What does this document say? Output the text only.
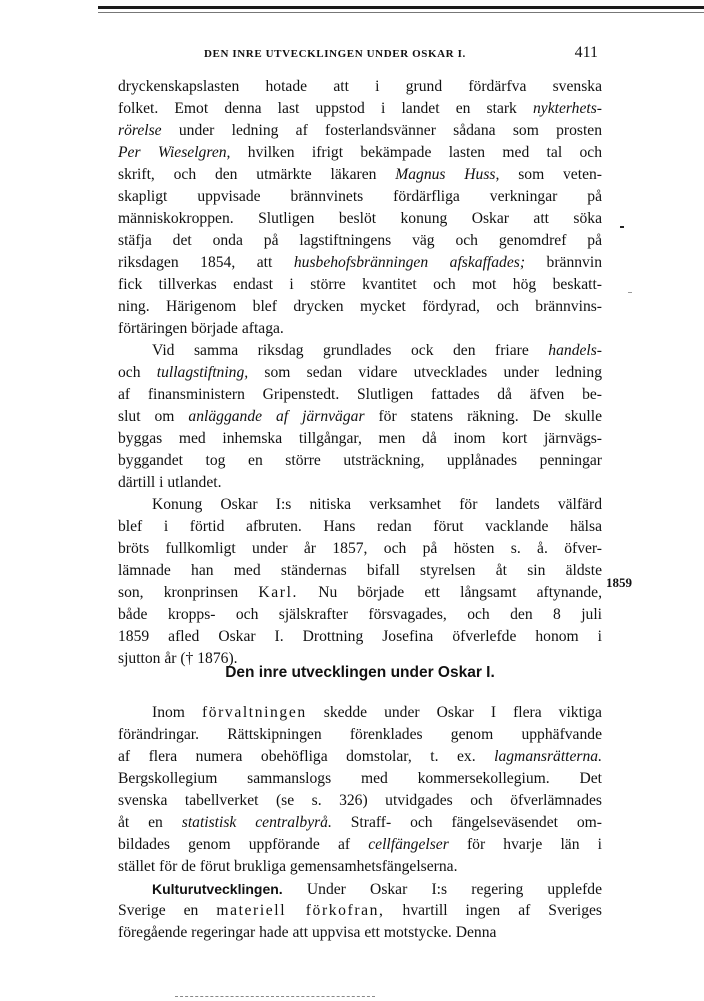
DEN INRE UTVECKLINGEN UNDER OSKAR I.	411
dryckenskapslasten hotade att i grund fördärfva svenska
folket. Emot denna last uppstod i landet en stark nykterhets-
rörelse under ledning af fosterlandsvänner sådana som prosten
Per Wieselgren, hvilken ifrigt bekämpade lasten med tal och
skrift, och den utmärkte läkaren Magnus Huss, som veten-
skapligt uppvisade brännvinets fördärfliga verkningar på
människokroppen. Slutligen beslöt konung Oskar att söka
stäfja det onda på lagstiftningens väg och genomdref på
riksdagen 1854, att husbehofsbränningen afskaffades; brännvin
fick tillverkas endast i större kvantitet och mot hög beskatt-
ning. Härigenom blef drycken mycket fördyrad, och brännvins-
förtäringen började aftaga.
Vid samma riksdag grundlades ock den friare handels-
och tullagstiftning, som sedan vidare utvecklades under ledning
af finansministern Gripenstedt. Slutligen fattades då äfven be-
slut om anläggande af järnvägar för statens räkning. De skulle
byggas med inhemska tillgångar, men då inom kort järnvägs-
byggandet tog en större utsträckning, upplånades penningar
därtill i utlandet.
Konung Oskar I:s nitiska verksamhet för landets välfärd
blef i förtid afbruten. Hans redan förut vacklande hälsa
bröts fullkomligt under år 1857, och på hösten s. å. öfver-
lämnade han med ständernas bifall styrelsen åt sin äldste
son, kronprinsen Karl. Nu började ett långsamt aftynande,
både kropps- och själskrafter försvagades, och den 8 juli
1859 afled Oskar I. Drottning Josefina öfverlefde honom i
sjutton år († 1876).
1859
Den inre utvecklingen under Oskar I.
Inom förvaltningen skedde under Oskar I flera viktiga
förändringar. Rättskipningen förenklades genom upphäfvande
af flera numera obehöfliga domstolar, t. ex. lagmansrätterna.
Bergskollegium sammanslogs med kommersekollegium. Det
svenska tabellverket (se s. 326) utvidgades och öfverlämnades
åt en statistisk centralbyrå. Straff- och fängelseväsendet om-
bildades genom uppförande af cellfängelser för hvarje län i
stället för de förut brukliga gemensamhetsfängelserna.
Kulturutvecklingen. Under Oskar I:s regering upplefde
Sverige en materiell förkofran, hvartill ingen af Sveriges
föregående regeringar hade att uppvisa ett motstycke. Denna
